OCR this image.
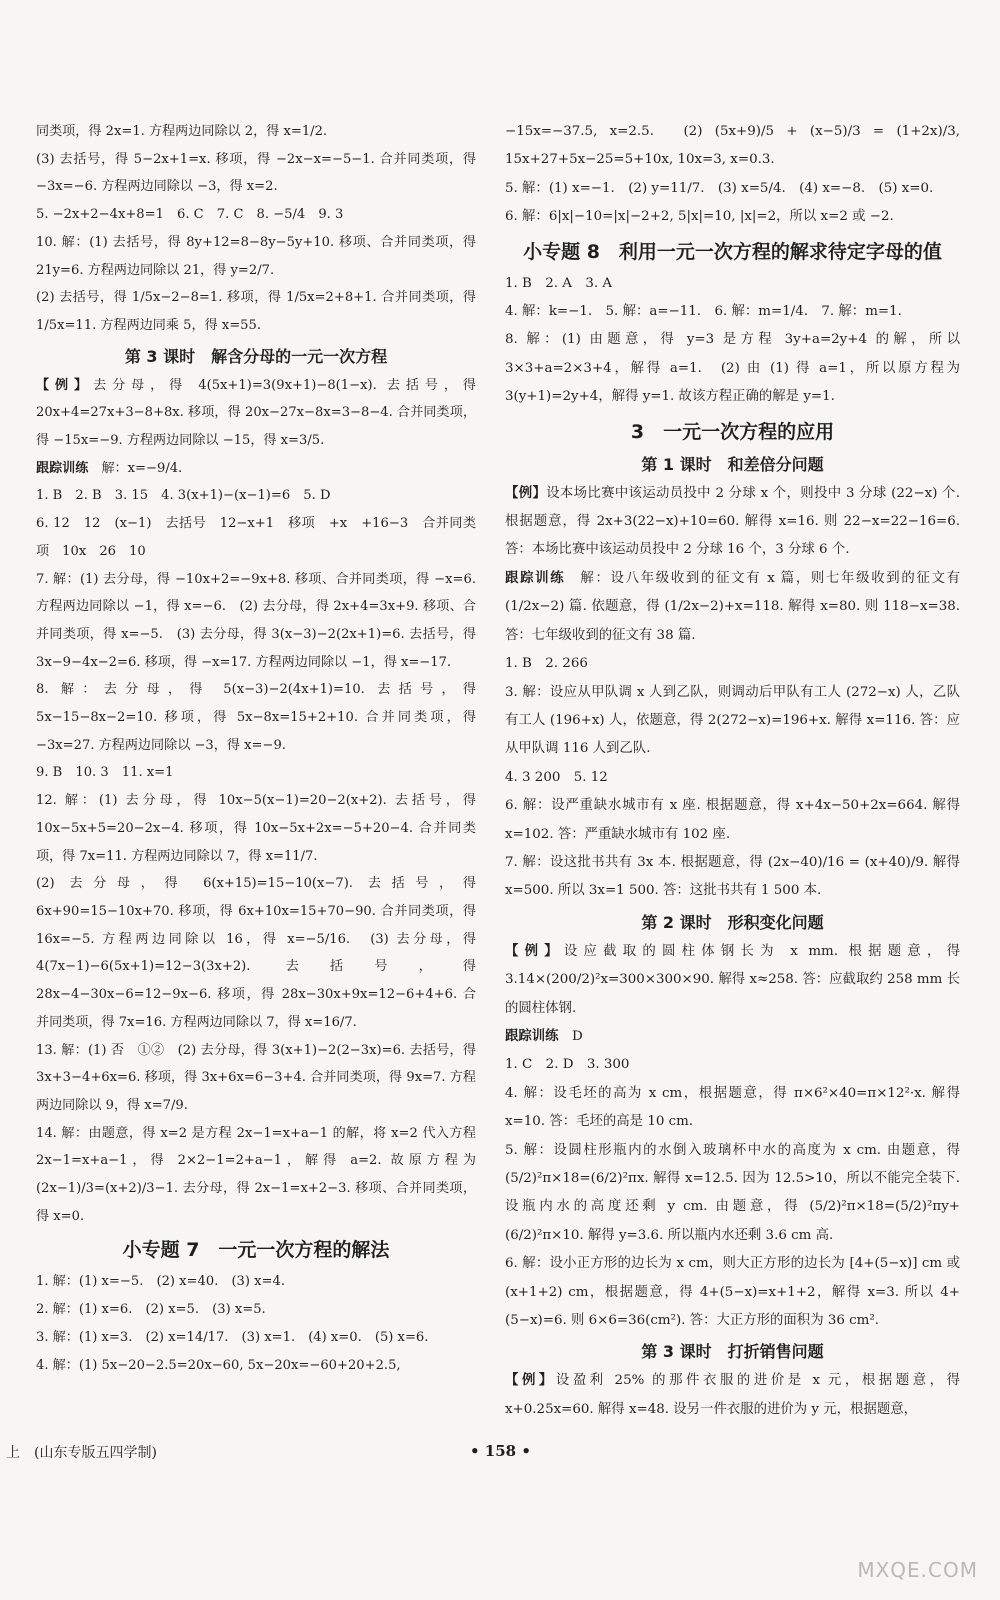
同类项，得 2x=1. 方程两边同除以 2，得 x=1/2.

(3) 去括号，得 5−2x+1=x. 移项，得 −2x−x=−5−1. 合并同类项，得 −3x=−6. 方程两边同除以 −3，得 x=2.

5. −2x+2−4x+8=1　6. C　7. C　8. −5/4　9. 3

10. 解：(1) 去括号，得 8y+12=8−8y−5y+10. 移项、合并同类项，得 21y=6. 方程两边同除以 21，得 y=2/7.

(2) 去括号，得 1/5x−2−8=1. 移项，得 1/5x=2+8+1. 合并同类项，得 1/5x=11. 方程两边同乘 5，得 x=55.

第 3 课时　解含分母的一元一次方程

【例】去分母，得 4(5x+1)=3(9x+1)−8(1−x). 去括号，得 20x+4=27x+3−8+8x. 移项，得 20x−27x−8x=3−8−4. 合并同类项，得 −15x=−9. 方程两边同除以 −15，得 x=3/5.

跟踪训练　 解：x=−9/4.

1. B　2. B　3. 15　4. 3(x+1)−(x−1)=6　5. D

6. 12　12　(x−1)　去括号　12−x+1　移项　+x　+16−3　合并同类项　10x　26　10

7. 解：(1) 去分母，得 −10x+2=−9x+8. 移项、合并同类项，得 −x=6. 方程两边同除以 −1，得 x=−6.　(2) 去分母，得 2x+4=3x+9. 移项、合并同类项，得 x=−5.　(3) 去分母，得 3(x−3)−2(2x+1)=6. 去括号，得 3x−9−4x−2=6. 移项，得 −x=17. 方程两边同除以 −1，得 x=−17.

8. 解：去分母，得 5(x−3)−2(4x+1)=10. 去括号，得 5x−15−8x−2=10. 移项，得 5x−8x=15+2+10. 合并同类项，得 −3x=27. 方程两边同除以 −3，得 x=−9.

9. B　10. 3　11. x=1

12. 解：(1) 去分母，得 10x−5(x−1)=20−2(x+2). 去括号，得 10x−5x+5=20−2x−4. 移项，得 10x−5x+2x=−5+20−4. 合并同类项，得 7x=11. 方程两边同除以 7，得 x=11/7.

(2) 去分母，得 6(x+15)=15−10(x−7). 去括号，得 6x+90=15−10x+70. 移项，得 6x+10x=15+70−90. 合并同类项，得 16x=−5. 方程两边同除以 16，得 x=−5/16.　(3) 去分母，得 4(7x−1)−6(5x+1)=12−3(3x+2). 去括号，得 28x−4−30x−6=12−9x−6. 移项，得 28x−30x+9x=12−6+4+6. 合并同类项，得 7x=16. 方程两边同除以 7，得 x=16/7.

13. 解：(1) 否　①②　(2) 去分母，得 3(x+1)−2(2−3x)=6. 去括号，得 3x+3−4+6x=6. 移项，得 3x+6x=6−3+4. 合并同类项，得 9x=7. 方程两边同除以 9，得 x=7/9.

14. 解：由题意，得 x=2 是方程 2x−1=x+a−1 的解，将 x=2 代入方程 2x−1=x+a−1，得 2×2−1=2+a−1，解得 a=2. 故原方程为 (2x−1)/3=(x+2)/3−1. 去分母，得 2x−1=x+2−3. 移项、合并同类项，得 x=0.

小专题 7　一元一次方程的解法

1. 解：(1) x=−5.　(2) x=40.　(3) x=4.

2. 解：(1) x=6.　(2) x=5.　(3) x=5.

3. 解：(1) x=3.　(2) x=14/17.　(3) x=1.　(4) x=0.　(5) x=6.

4. 解：(1) 5x−20−2.5=20x−60, 5x−20x=−60+20+2.5,

−15x=−37.5, x=2.5.　(2) (5x+9)/5 + (x−5)/3 = (1+2x)/3, 15x+27+5x−25=5+10x, 10x=3, x=0.3.

5. 解：(1) x=−1.　(2) y=11/7.　(3) x=5/4.　(4) x=−8.　(5) x=0.

6. 解：6|x|−10=|x|−2+2, 5|x|=10, |x|=2，所以 x=2 或 −2.

小专题 8　利用一元一次方程的解求待定字母的值

1. B　2. A　3. A

4. 解：k=−1.　5. 解：a=−11.　6. 解：m=1/4.　7. 解：m=1.

8. 解：(1) 由题意，得 y=3 是方程 3y+a=2y+4 的解，所以 3×3+a=2×3+4，解得 a=1.　(2) 由 (1) 得 a=1，所以原方程为 3(y+1)=2y+4，解得 y=1. 故该方程正确的解是 y=1.

3　一元一次方程的应用
第 1 课时　和差倍分问题

【例】设本场比赛中该运动员投中 2 分球 x 个，则投中 3 分球 (22−x) 个. 根据题意，得 2x+3(22−x)+10=60. 解得 x=16. 则 22−x=22−16=6. 答：本场比赛中该运动员投中 2 分球 16 个，3 分球 6 个.

跟踪训练　 解：设八年级收到的征文有 x 篇，则七年级收到的征文有 (1/2x−2) 篇. 依题意，得 (1/2x−2)+x=118. 解得 x=80. 则 118−x=38. 答：七年级收到的征文有 38 篇.

1. B　2. 266

3. 解：设应从甲队调 x 人到乙队，则调动后甲队有工人 (272−x) 人，乙队有工人 (196+x) 人，依题意，得 2(272−x)=196+x. 解得 x=116. 答：应从甲队调 116 人到乙队.

4. 3 200　5. 12

6. 解：设严重缺水城市有 x 座. 根据题意，得 x+4x−50+2x=664. 解得 x=102. 答：严重缺水城市有 102 座.

7. 解：设这批书共有 3x 本. 根据题意，得 (2x−40)/16 = (x+40)/9. 解得 x=500. 所以 3x=1 500. 答：这批书共有 1 500 本.

第 2 课时　形积变化问题

【例】设应截取的圆柱体钢长为 x mm. 根据题意，得 3.14×(200/2)²x=300×300×90. 解得 x≈258. 答：应截取约 258 mm 长的圆柱体钢.

跟踪训练　 D

1. C　2. D　3. 300

4. 解：设毛坯的高为 x cm，根据题意，得 π×6²×40=π×12²·x. 解得 x=10. 答：毛坯的高是 10 cm.

5. 解：设圆柱形瓶内的水倒入玻璃杯中水的高度为 x cm. 由题意，得 (5/2)²π×18=(6/2)²πx. 解得 x=12.5. 因为 12.5>10，所以不能完全装下. 设瓶内水的高度还剩 y cm. 由题意，得 (5/2)²π×18=(5/2)²πy+(6/2)²π×10. 解得 y=3.6. 所以瓶内水还剩 3.6 cm 高.

6. 解：设小正方形的边长为 x cm，则大正方形的边长为 [4+(5−x)] cm 或 (x+1+2) cm，根据题意，得 4+(5−x)=x+1+2，解得 x=3. 所以 4+(5−x)=6. 则 6×6=36(cm²). 答：大正方形的面积为 36 cm².

第 3 课时　打折销售问题

【例】设盈利 25% 的那件衣服的进价是 x 元，根据题意，得 x+0.25x=60. 解得 x=48. 设另一件衣服的进价为 y 元，根据题意，

上　(山东专版五四学制)	• 158 •
MXQE.COM
